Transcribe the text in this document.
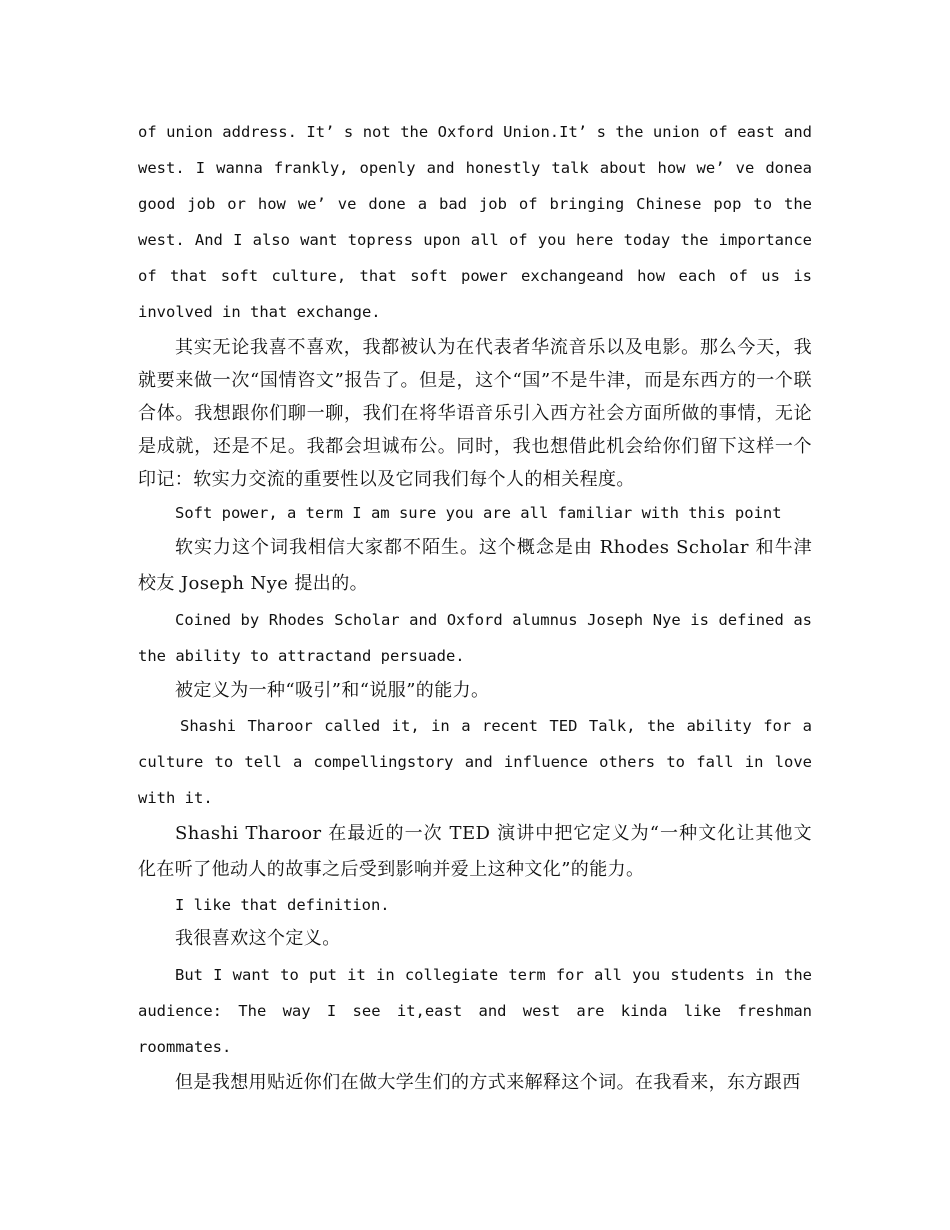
of union address. It’ s not the Oxford Union.It’ s the union of east and west. I wanna frankly, openly and honestly talk about how we’ ve donea good job or how we’ ve done a bad job of bringing Chinese pop to the west. And I also want topress upon all of you here today the importance of that soft culture, that soft power exchangeand how each of us is involved in that exchange.

其实无论我喜不喜欢，我都被认为在代表者华流音乐以及电影。那么今天，我就要来做一次“国情咨文”报告了。但是，这个“国”不是牛津，而是东西方的一个联合体。我想跟你们聊一聊，我们在将华语音乐引入西方社会方面所做的事情，无论是成就，还是不足。我都会坦诚布公。同时，我也想借此机会给你们留下这样一个印记：软实力交流的重要性以及它同我们每个人的相关程度。

Soft power, a term I am sure you are all familiar with this point

软实力这个词我相信大家都不陌生。这个概念是由 Rhodes Scholar 和牛津校友 Joseph Nye 提出的。

Coined by Rhodes Scholar and Oxford alumnus Joseph Nye is defined as the ability to attractand persuade.

被定义为一种“吸引”和“说服”的能力。

Shashi Tharoor called it, in a recent TED Talk, the ability for a culture to tell a compellingstory and influence others to fall in love with it.

Shashi Tharoor 在最近的一次 TED 演讲中把它定义为“一种文化让其他文化在听了他动人的故事之后受到影响并爱上这种文化”的能力。

I like that definition.

我很喜欢这个定义。

But I want to put it in collegiate term for all you students in the audience: The way I see it,east and west are kinda like freshman roommates.

但是我想用贴近你们在做大学生们的方式来解释这个词。在我看来，东方跟西
